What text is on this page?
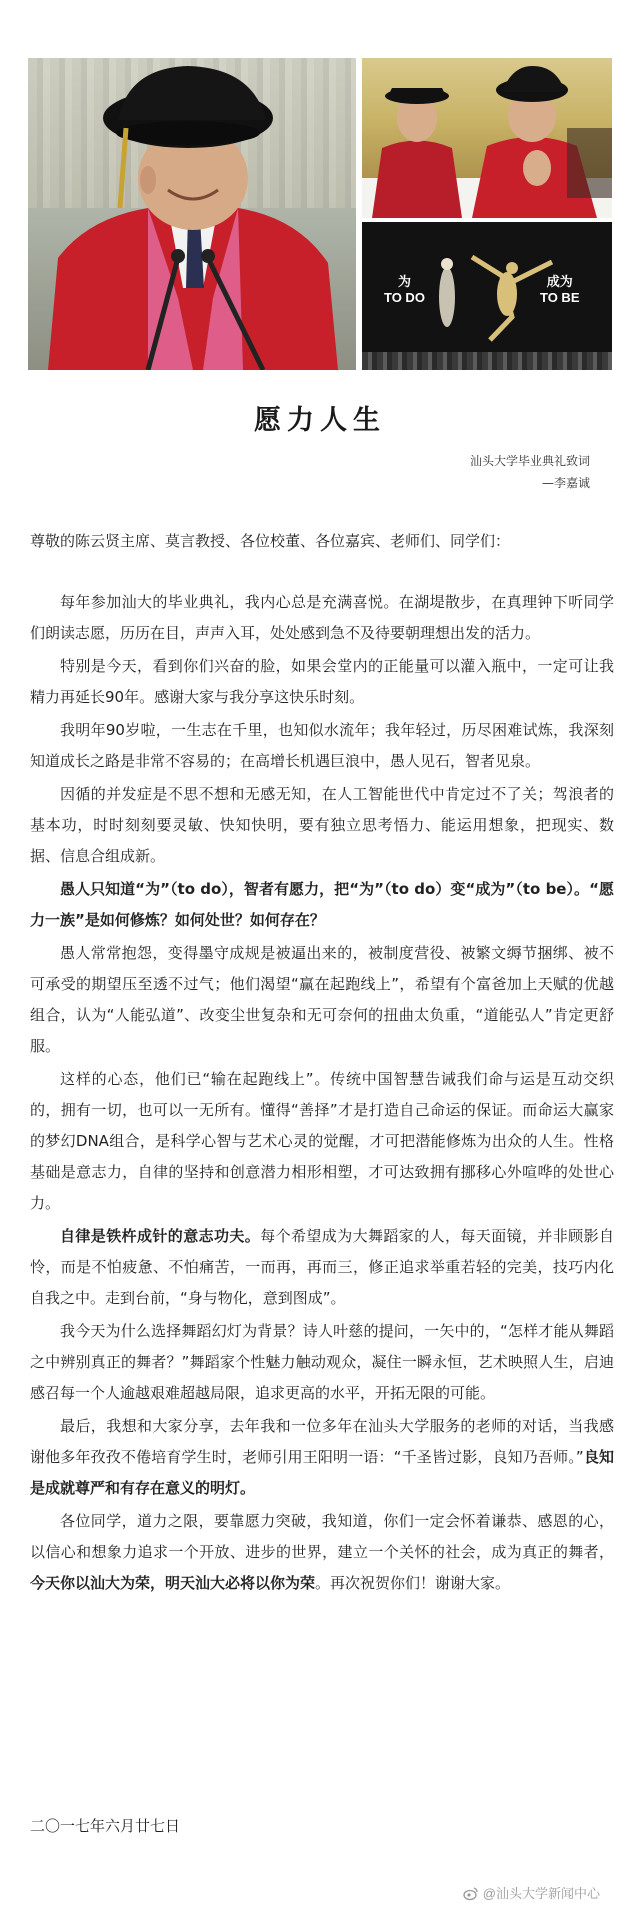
为
TO DO
成为
TO BE
愿力人生
汕头大学毕业典礼致词
—李嘉诚
尊敬的陈云贤主席、莫言教授、各位校董、各位嘉宾、老师们、同学们：

每年参加汕大的毕业典礼，我内心总是充满喜悦。在湖堤散步，在真理钟下听同学们朗读志愿，历历在目，声声入耳，处处感到急不及待要朝理想出发的活力。

特别是今天，看到你们兴奋的脸，如果会堂内的正能量可以灌入瓶中，一定可让我精力再延长90年。感谢大家与我分享这快乐时刻。

我明年90岁啦，一生志在千里，也知似水流年；我年轻过，历尽困难试炼，我深刻知道成长之路是非常不容易的；在高增长机遇巨浪中，愚人见石，智者见泉。

因循的并发症是不思不想和无感无知，在人工智能世代中肯定过不了关；驾浪者的基本功，时时刻刻要灵敏、快知快明，要有独立思考悟力、能运用想象，把现实、数据、信息合组成新。

愚人只知道“为”（to do），智者有愿力，把“为”（to do）变“成为”（to be）。“愿力一族”是如何修炼？如何处世？如何存在？

愚人常常抱怨，变得墨守成规是被逼出来的，被制度营役、被繁文缛节捆绑、被不可承受的期望压至透不过气；他们渴望“赢在起跑线上”，希望有个富爸加上天赋的优越组合，认为“人能弘道”、改变尘世复杂和无可奈何的扭曲太负重，“道能弘人”肯定更舒服。

这样的心态，他们已“输在起跑线上”。传统中国智慧告诫我们命与运是互动交织的，拥有一切，也可以一无所有。懂得“善择”才是打造自己命运的保证。而命运大赢家的梦幻DNA组合，是科学心智与艺术心灵的觉醒，才可把潜能修炼为出众的人生。性格基础是意志力，自律的坚持和创意潜力相形相塑，才可达致拥有挪移心外喧哗的处世心力。

自律是铁杵成针的意志功夫。每个希望成为大舞蹈家的人，每天面镜，并非顾影自怜，而是不怕疲惫、不怕痛苦，一而再，再而三，修正追求举重若轻的完美，技巧内化自我之中。走到台前，“身与物化，意到图成”。

我今天为什么选择舞蹈幻灯为背景？诗人叶慈的提问，一矢中的，“怎样才能从舞蹈之中辨别真正的舞者？”舞蹈家个性魅力触动观众，凝住一瞬永恒，艺术映照人生，启迪感召每一个人逾越艰难超越局限，追求更高的水平，开拓无限的可能。

最后，我想和大家分享，去年我和一位多年在汕头大学服务的老师的对话，当我感谢他多年孜孜不倦培育学生时，老师引用王阳明一语：“千圣皆过影，良知乃吾师。”良知是成就尊严和有存在意义的明灯。

各位同学，道力之限，要靠愿力突破，我知道，你们一定会怀着谦恭、感恩的心，以信心和想象力追求一个开放、进步的世界，建立一个关怀的社会，成为真正的舞者，今天你以汕大为荣，明天汕大必将以你为荣。再次祝贺你们！谢谢大家。

二〇一七年六月廿七日
@汕头大学新闻中心
